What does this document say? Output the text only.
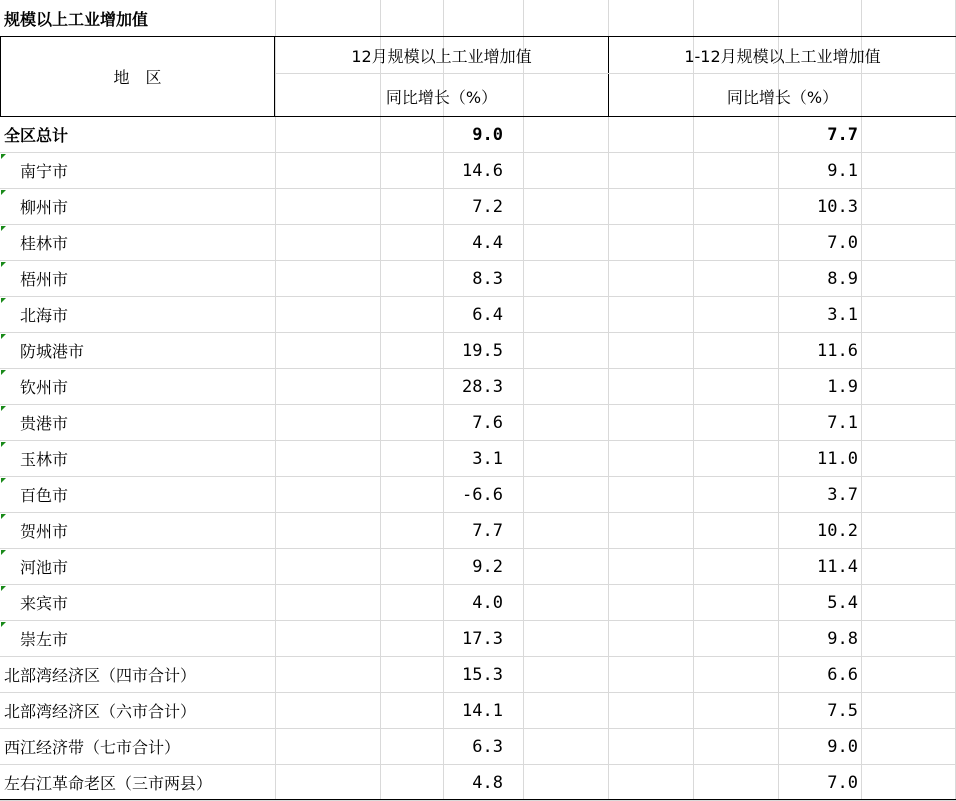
规模以上工业增加值
地　区
12月规模以上工业增加值
同比增长（%）
1-12月规模以上工业增加值
同比增长（%）
全区总计	9.0	7.7
南宁市	14.6	9.1
柳州市	7.2	10.3
桂林市	4.4	7.0
梧州市	8.3	8.9
北海市	6.4	3.1
防城港市	19.5	11.6
钦州市	28.3	1.9
贵港市	7.6	7.1
玉林市	3.1	11.0
百色市	-6.6	3.7
贺州市	7.7	10.2
河池市	9.2	11.4
来宾市	4.0	5.4
崇左市	17.3	9.8
北部湾经济区（四市合计）	15.3	6.6
北部湾经济区（六市合计）	14.1	7.5
西江经济带（七市合计）	6.3	9.0
左右江革命老区（三市两县）	4.8	7.0
